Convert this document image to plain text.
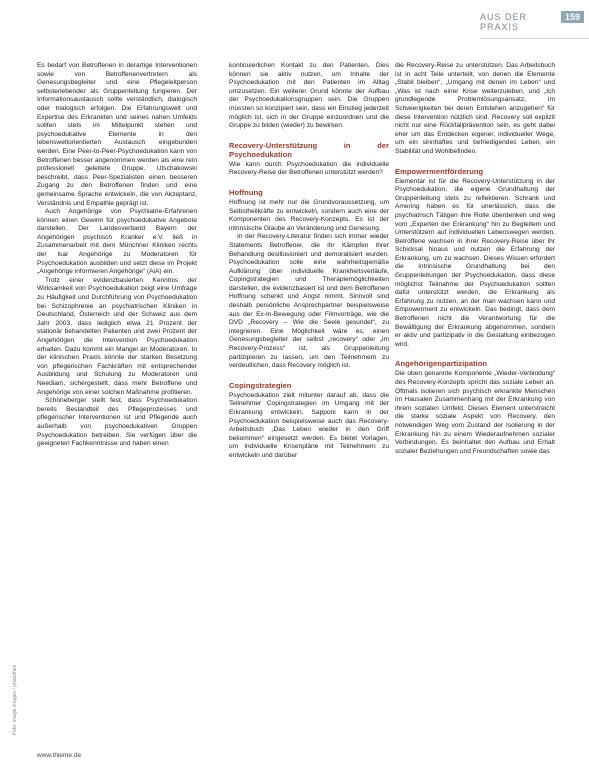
AUS DER PRAXIS
159

Es bedarf von Betroffenen in derartige Interventionen sowie von Betroffenenvertretern als Genesungsbegleiter und eine Pflegeleitperson selbsterlebender als Gruppenleitung fungieren. Der Informationsaustausch sollte verständlich, dialogisch oder trialogisch erfolgen. Die Erfahrungswelt und Expertise des Erkrankten und seines nahen Umfelds sollten stets im Mittelpunkt stehen und psychoedukative Elemente in den lebensweltorientierten Austausch eingebunden werden. Eine Peer-to-Peer-Psychoedukation kann von Betroffenen besser angenommen werden als eine rein professionell geleitete Gruppe. Utschakowski beschreibt, dass Peer-Spezialisten einen besseren Zugang zu den Betroffenen finden und eine gemeinsame Sprache entwickeln, die von Akzeptanz, Verständnis und Empathie geprägt ist.

Auch Angehörige von Psychiatrie-Erfahrenen können einen Gewinn für psychoedukative Angebote darstellen. Der Landesverband Bayern der Angehörigen psychisch Kranker e.V. ließ in Zusammenarbeit mit dem Münchner Kliniken rechts der Isar Angehörige zu Moderatoren für Psychoedukation ausbilden und setzt diese im Projekt „Angehörige informieren Angehörige“ (AiA) ein.

Trotz einer evidenzbasierten Kenntnis der Wirksamkeit von Psychoedukation zeigt eine Umfrage zu Häufigkeit und Durchführung von Psychoedukation bei Schizophrenie an psychiatrischen Kliniken in Deutschland, Österreich und der Schweiz aus dem Jahr 2003, dass lediglich etwa 21 Prozent der stationär behandelten Patienten und zwei Prozent der Angehörigen die Intervention Psychoedukation erhalten. Dazu kommt ein Mangel an Moderatoren. In der klinischen Praxis könnte der starken Besetzung von pflegerischen Fachkräften mit entsprechender Ausbildung und Schulung zu Moderatoren und Neediam, sichergestellt, dass mehr Betroffene und Angehörige von einer solchen Maßnahme profitieren.

Schöneberger stellt fest, dass Psychoedukation bereits Bestandteil des Pflegeprozesses und pflegerischer Interventionen ist und Pflegende auch außerhalb von psychoedukativen Gruppen Psychoedukation betreiben. Sie verfügen über die geeigneten Fachkenntnisse und haben einen

kontinuierlichen Kontakt zu den Patienten. Dies können sie aktiv nutzen, um Inhalte der Psychoedukation mit den Patienten im Alltag umzusetzen. Ein weiterer Grund könnte der Aufbau der Psychoedukationsgruppen sein. Die Gruppen müssten so konzipiert sein, dass ein Einstieg jederzeit möglich ist, sich in der Gruppe einzuordnen und die Gruppe zu bilden (wieder) zu bewirken.

Recovery-Unterstützung in der Psychoedukation

Wie kann durch Psychoedukation die individuelle Recovery-Reise der Betroffenen unterstützt werden?

Hoffnung

Hoffnung ist mehr nur die Grundvoraussetzung, um Selbstheilkräfte zu entwickeln, sondern auch eine der Komponenten des Recovery-Konzepts. Es ist der intrinsische Glaube an Veränderung und Genesung.

In der Recovery-Literatur finden sich immer wieder Statements Betroffener, die ihr Kämpfen ihrer Behandlung desillusioniert und demoralisiert wurden. Psychoedukation solle eine wahrheitsgemäße Aufklärung über individuelle Krankheitsverläufe, Copingstrategien und Therapiemöglichkeiten darstellen, die evidenzbasiert ist und dem Betroffenen Hoffnung schenkt und Angst nimmt. Sinnvoll sind deshalb persönliche Ansprechpartner beispielsweise aus der Ex-In-Bewegung oder Filmvorträge, wie die DVD „Recovery – Wie die Seele gesundet“, zu integrieren. Eine Möglichkeit wäre es, einen Genesungsbegleiter der selbst „recovery“ oder „im Recovery-Prozess“ ist, als Gruppenleitung partizipieren zu lassen, um den Teilnehmern zu verdeutlichen, dass Recovery möglich ist.

Copingstrategien

Psychoedukation zielt mitunter darauf ab, dass die Teilnehmer Copingstrategien im Umgang mit der Erkrankung entwickeln. Sapponi kann in der Psychoedukation beispielsweise auch das Recovery-Arbeitsbuch „Das Leben wieder in den Griff bekommen“ eingesetzt werden. Es bietet Vorlagen, um individuelle Krisenpläne mit Teilnehmern zu entwickeln und darüber

die Recovery-Reise zu unterstützen. Das Arbeitsbuch ist in acht Teile unterteilt, von denen die Elemente „Stabil bleiben“, „Umgang mit denen im Leben“ und „Was ist nach einer Krise weiterzuleben, und „Ich grundlegende Problemlösungsansatz, im Schwierigkeiten bei deren Entstehen anzugehen“ für diese Intervention nützlich sind. Recovery soll explizit nicht nur eine Rückfallprävention sein, es geht dabei eher um das Entdecken eigener, individueller Wege, um ein sinnhaftes und befriedigendes Leben, ein Stabilität und Wohlbefinden.

Empowermentförderung

Elementar ist für die Recovery-Unterstützung in der Psychoedukation, die eigene Grundhaltung der Gruppenleitung stets zu reflektieren. Schrank und Amering haben es für unerlässlich, dass die psychiatrisch Tätigen ihre Rolle überdenken und weg vom „Experten der Erkrankung“ hin zu Begleitern und Unterstützern auf individuellen Lebenswegen werden. Betroffene wachsen in ihrer Recovery-Reise über ihr Schicksal hinaus und nutzen die Erfahrung der Erkrankung, um zu wachsen. Dieses Wissen erfordert die intrinsische Grundhaltung bei den Gruppenleitungen der Psychoedukation, dass diese möglichst Teilnahme der Psychoedukation sollten dafür unterstützt werden, die Erkrankung als Erfahrung zu nutzen, an der man wachsen kann und Empowerment zu entwickeln. Das bedingt, dass dem Betroffenen nicht die Verantwortung für die Bewältigung der Erkrankung abgenommen, sondern er aktiv und partizipativ in die Gestaltung einbezogen wird.

Angehörigenpartizipation

Die oben genannte Komponente „Wieder-Verbindung“ des Recovery-Konzepts spricht das soziale Leben an. Oftmals isolieren sich psychisch erkrankte Menschen im Hausalen Zusammenhang mit der Erkrankung von ihrem sozialen Umfeld. Dieses Element unterstreicht die starke soziale Aspekt von Recovery, den notwendigen Weg vom Zustand der Isolierung in der Erkrankung hin zu einem Wiederaufnehmen sozialer Verbindungen. Es beinhaltet den Aufbau und Erhalt sozialer Beziehungen und Freundschaften sowie das

Foto: imago images / photothek
www.thieme.de
